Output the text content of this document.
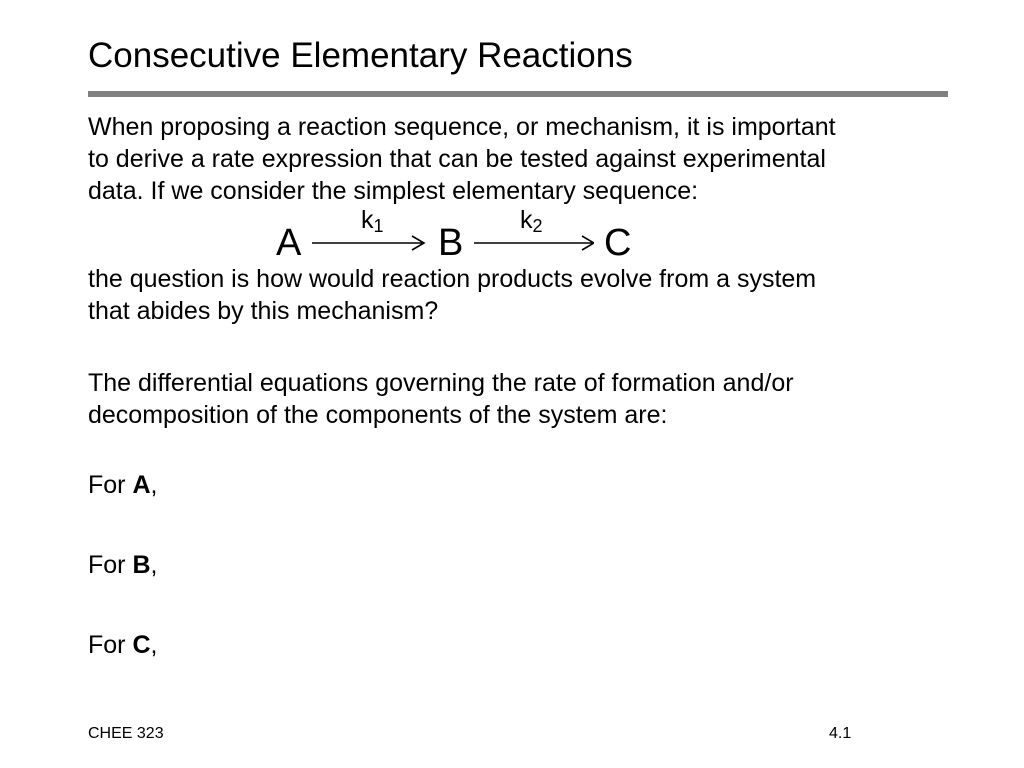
Consecutive Elementary Reactions
When proposing a reaction sequence, or mechanism, it is important
to derive a rate expression that can be tested against experimental
data. If we consider the simplest elementary sequence:
A
$k_1$ B
$k_2$ C
the question is how would reaction products evolve from a system
that abides by this mechanism?
The differential equations governing the rate of formation and/or
decomposition of the components of the system are:
For A,
For B,
For C,
CHEE 323	4.1
